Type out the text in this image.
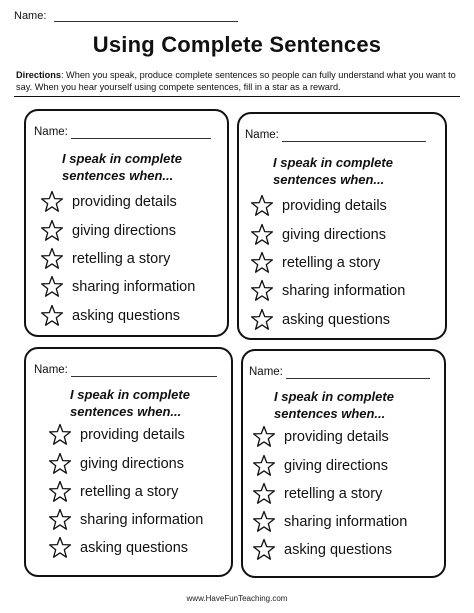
Name:
Using Complete Sentences
Directions: When you speak, produce complete sentences so people can fully understand what you want to say. When you hear yourself using compete sentences, fill in a star as a reward.
Name:
I speak in complete
sentences when...
providing details
giving directions
retelling a story
sharing information
asking questions
Name:
I speak in complete
sentences when...
providing details
giving directions
retelling a story
sharing information
asking questions
Name:
I speak in complete
sentences when...
providing details
giving directions
retelling a story
sharing information
asking questions
Name:
I speak in complete
sentences when...
providing details
giving directions
retelling a story
sharing information
asking questions
www.HaveFunTeaching.com
